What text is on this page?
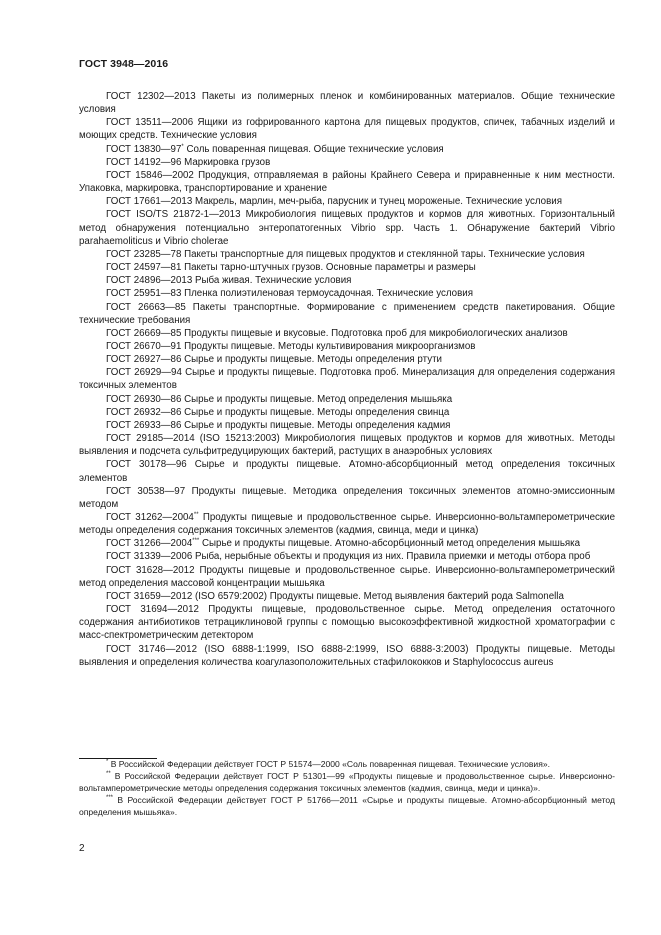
ГОСТ 3948—2016

ГОСТ 12302—2013 Пакеты из полимерных пленок и комбинированных материалов. Общие технические условия

ГОСТ 13511—2006 Ящики из гофрированного картона для пищевых продуктов, спичек, табачных изделий и моющих средств. Технические условия

ГОСТ 13830—97* Соль поваренная пищевая. Общие технические условия

ГОСТ 14192—96 Маркировка грузов

ГОСТ 15846—2002 Продукция, отправляемая в районы Крайнего Севера и приравненные к ним местности. Упаковка, маркировка, транспортирование и хранение

ГОСТ 17661—2013 Макрель, марлин, меч-рыба, парусник и тунец мороженые. Технические условия

ГОСТ ISO/TS 21872-1—2013 Микробиология пищевых продуктов и кормов для животных. Горизонтальный метод обнаружения потенциально энтеропатогенных Vibrio spp. Часть 1. Обнаружение бактерий Vibrio parahaemoliticus и Vibrio cholerae

ГОСТ 23285—78 Пакеты транспортные для пищевых продуктов и стеклянной тары. Технические условия

ГОСТ 24597—81 Пакеты тарно-штучных грузов. Основные параметры и размеры

ГОСТ 24896—2013 Рыба живая. Технические условия

ГОСТ 25951—83 Пленка полиэтиленовая термоусадочная. Технические условия

ГОСТ 26663—85 Пакеты транспортные. Формирование с применением средств пакетирования. Общие технические требования

ГОСТ 26669—85 Продукты пищевые и вкусовые. Подготовка проб для микробиологических анализов

ГОСТ 26670—91 Продукты пищевые. Методы культивирования микроорганизмов

ГОСТ 26927—86 Сырье и продукты пищевые. Методы определения ртути

ГОСТ 26929—94 Сырье и продукты пищевые. Подготовка проб. Минерализация для определения содержания токсичных элементов

ГОСТ 26930—86 Сырье и продукты пищевые. Метод определения мышьяка

ГОСТ 26932—86 Сырье и продукты пищевые. Методы определения свинца

ГОСТ 26933—86 Сырье и продукты пищевые. Методы определения кадмия

ГОСТ 29185—2014 (ISO 15213:2003) Микробиология пищевых продуктов и кормов для животных. Методы выявления и подсчета сульфитредуцирующих бактерий, растущих в анаэробных условиях

ГОСТ 30178—96 Сырье и продукты пищевые. Атомно-абсорбционный метод определения токсичных элементов

ГОСТ 30538—97 Продукты пищевые. Методика определения токсичных элементов атомно-эмиссионным методом

ГОСТ 31262—2004** Продукты пищевые и продовольственное сырье. Инверсионно-вольтамперометрические методы определения содержания токсичных элементов (кадмия, свинца, меди и цинка)

ГОСТ 31266—2004*** Сырье и продукты пищевые. Атомно-абсорбционный метод определения мышьяка

ГОСТ 31339—2006 Рыба, нерыбные объекты и продукция из них. Правила приемки и методы отбора проб

ГОСТ 31628—2012 Продукты пищевые и продовольственное сырье. Инверсионно-вольтамперометрический метод определения массовой концентрации мышьяка

ГОСТ 31659—2012 (ISO 6579:2002) Продукты пищевые. Метод выявления бактерий рода Salmonella

ГОСТ 31694—2012 Продукты пищевые, продовольственное сырье. Метод определения остаточного содержания антибиотиков тетрациклиновой группы с помощью высокоэффективной жидкостной хроматографии с масс-спектрометрическим детектором

ГОСТ 31746—2012 (ISO 6888-1:1999, ISO 6888-2:1999, ISO 6888-3:2003) Продукты пищевые. Методы выявления и определения количества коагулазоположительных стафилококков и Staphylococcus aureus

* В Российской Федерации действует ГОСТ Р 51574—2000 «Соль поваренная пищевая. Технические условия».

** В Российской Федерации действует ГОСТ Р 51301—99 «Продукты пищевые и продовольственное сырье. Инверсионно-вольтамперометрические методы определения содержания токсичных элементов (кадмия, свинца, меди и цинка)».

*** В Российской Федерации действует ГОСТ Р 51766—2011 «Сырье и продукты пищевые. Атомно-абсорбционный метод определения мышьяка».

2
